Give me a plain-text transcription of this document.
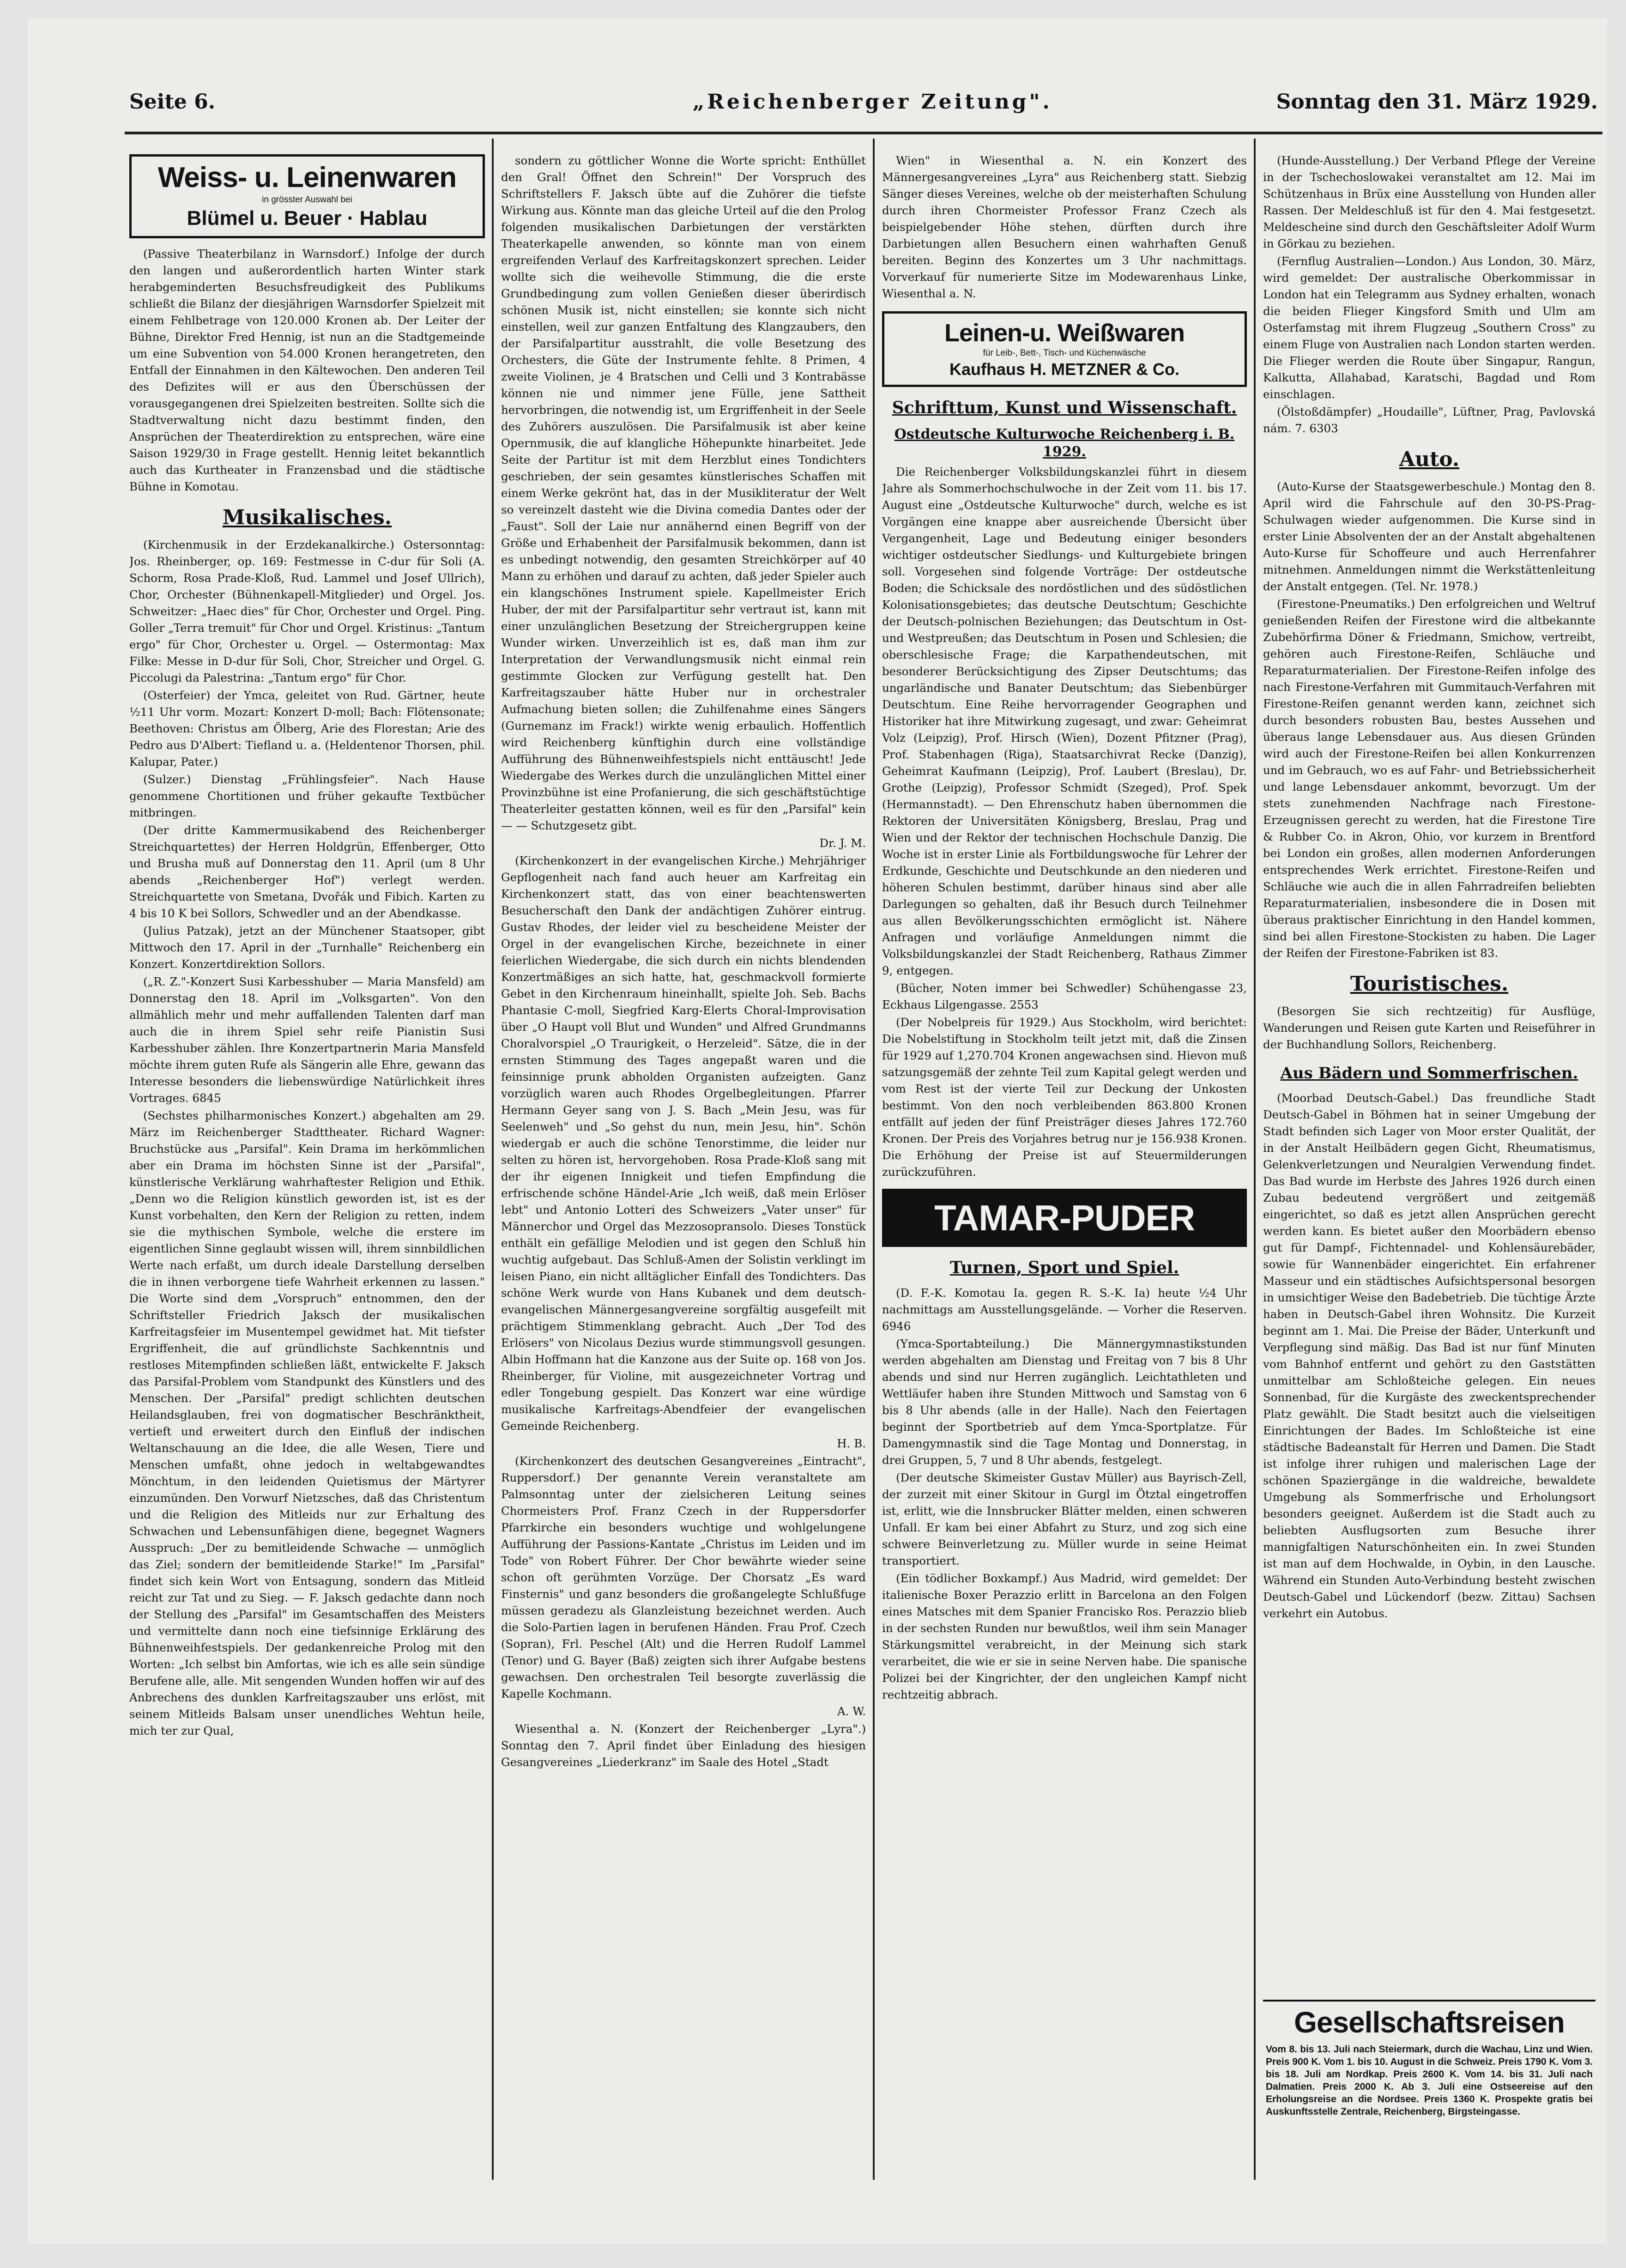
Seite 6.	„Reichenberger Zeitung".	Sonntag den 31. März 1929.
Weiss- u. Leinenwaren
in grösster Auswahl bei
Blümel u. Beuer · Hablau

(Passive Theaterbilanz in Warnsdorf.) Infolge der durch den langen und außerordentlich harten Winter stark herabgeminderten Besuchsfreudigkeit des Publikums schließt die Bilanz der diesjährigen Warnsdorfer Spielzeit mit einem Fehlbetrage von 120.000 Kronen ab. Der Leiter der Bühne, Direktor Fred Hennig, ist nun an die Stadtgemeinde um eine Subvention von 54.000 Kronen herangetreten, den Entfall der Einnahmen in den Kältewochen. Den anderen Teil des Defizites will er aus den Überschüssen der vorausgegangenen drei Spielzeiten bestreiten. Sollte sich die Stadtverwaltung nicht dazu bestimmt finden, den Ansprüchen der Theaterdirektion zu entsprechen, wäre eine Saison 1929/30 in Frage gestellt. Hennig leitet bekanntlich auch das Kurtheater in Franzensbad und die städtische Bühne in Komotau.

Musikalisches.

(Kirchenmusik in der Erzdekanalkirche.) Ostersonntag: Jos. Rheinberger, op. 169: Festmesse in C-dur für Soli (A. Schorm, Rosa Prade-Kloß, Rud. Lammel und Josef Ullrich), Chor, Orchester (Bühnenkapell-Mitglieder) und Orgel. Jos. Schweitzer: „Haec dies" für Chor, Orchester und Orgel. Ping. Goller „Terra tremuit" für Chor und Orgel. Kristinus: „Tantum ergo" für Chor, Orchester u. Orgel. — Ostermontag: Max Filke: Messe in D-dur für Soli, Chor, Streicher und Orgel. G. Piccolugi da Palestrina: „Tantum ergo" für Chor.

(Osterfeier) der Ymca, geleitet von Rud. Gärtner, heute ½11 Uhr vorm. Mozart: Konzert D-moll; Bach: Flötensonate; Beethoven: Christus am Ölberg, Arie des Florestan; Arie des Pedro aus D'Albert: Tiefland u. a. (Heldentenor Thorsen, phil. Kalupar, Pater.)

(Sulzer.) Dienstag „Frühlingsfeier". Nach Hause genommene Chortitionen und früher gekaufte Textbücher mitbringen.

(Der dritte Kammermusikabend des Reichenberger Streichquartettes) der Herren Holdgrün, Effenberger, Otto und Brusha muß auf Donnerstag den 11. April (um 8 Uhr abends „Reichenberger Hof") verlegt werden. Streichquartette von Smetana, Dvořák und Fibich. Karten zu 4 bis 10 K bei Sollors, Schwedler und an der Abendkasse.

(Julius Patzak), jetzt an der Münchener Staatsoper, gibt Mittwoch den 17. April in der „Turnhalle" Reichenberg ein Konzert. Konzertdirektion Sollors.

(„R. Z."-Konzert Susi Karbesshuber — Maria Mansfeld) am Donnerstag den 18. April im „Volksgarten". Von den allmählich mehr und mehr auffallenden Talenten darf man auch die in ihrem Spiel sehr reife Pianistin Susi Karbesshuber zählen. Ihre Konzertpartnerin Maria Mansfeld möchte ihrem guten Rufe als Sängerin alle Ehre, gewann das Interesse besonders die liebenswürdige Natürlichkeit ihres Vortrages. 6845

(Sechstes philharmonisches Konzert.) abgehalten am 29. März im Reichenberger Stadttheater. Richard Wagner: Bruchstücke aus „Parsifal". Kein Drama im herkömmlichen aber ein Drama im höchsten Sinne ist der „Parsifal", künstlerische Verklärung wahrhaftester Religion und Ethik. „Denn wo die Religion künstlich geworden ist, ist es der Kunst vorbehalten, den Kern der Religion zu retten, indem sie die mythischen Symbole, welche die erstere im eigentlichen Sinne geglaubt wissen will, ihrem sinnbildlichen Werte nach erfaßt, um durch ideale Darstellung derselben die in ihnen verborgene tiefe Wahrheit erkennen zu lassen." Die Worte sind dem „Vorspruch" entnommen, den der Schriftsteller Friedrich Jaksch der musikalischen Karfreitagsfeier im Musentempel gewidmet hat. Mit tiefster Ergriffenheit, die auf gründlichste Sachkenntnis und restloses Mitempfinden schließen läßt, entwickelte F. Jaksch das Parsifal-Problem vom Standpunkt des Künstlers und des Menschen. Der „Parsifal" predigt schlichten deutschen Heilandsglauben, frei von dogmatischer Beschränktheit, vertieft und erweitert durch den Einfluß der indischen Weltanschauung an die Idee, die alle Wesen, Tiere und Menschen umfaßt, ohne jedoch in weltabgewandtes Mönchtum, in den leidenden Quietismus der Märtyrer einzumünden. Den Vorwurf Nietzsches, daß das Christentum und die Religion des Mitleids nur zur Erhaltung des Schwachen und Lebensunfähigen diene, begegnet Wagners Ausspruch: „Der zu bemitleidende Schwache — unmöglich das Ziel; sondern der bemitleidende Starke!" Im „Parsifal" findet sich kein Wort von Entsagung, sondern das Mitleid reicht zur Tat und zu Sieg. — F. Jaksch gedachte dann noch der Stellung des „Parsifal" im Gesamtschaffen des Meisters und vermittelte dann noch eine tiefsinnige Erklärung des Bühnenweihfestspiels. Der gedankenreiche Prolog mit den Worten: „Ich selbst bin Amfortas, wie ich es alle sein sündige Berufene alle, alle. Mit sengenden Wunden hoffen wir auf des Anbrechens des dunklen Karfreitagszauber uns erlöst, mit seinem Mitleids Balsam unser unendliches Wehtun heile, mich ter zur Qual,

sondern zu göttlicher Wonne die Worte spricht: Enthüllet den Gral! Öffnet den Schrein!" Der Vorspruch des Schriftstellers F. Jaksch übte auf die Zuhörer die tiefste Wirkung aus. Könnte man das gleiche Urteil auf die den Prolog folgenden musikalischen Darbietungen der verstärkten Theaterkapelle anwenden, so könnte man von einem ergreifenden Verlauf des Karfreitagskonzert sprechen. Leider wollte sich die weihevolle Stimmung, die die erste Grundbedingung zum vollen Genießen dieser überirdisch schönen Musik ist, nicht einstellen; sie konnte sich nicht einstellen, weil zur ganzen Entfaltung des Klangzaubers, den der Parsifalpartitur ausstrahlt, die volle Besetzung des Orchesters, die Güte der Instrumente fehlte. 8 Primen, 4 zweite Violinen, je 4 Bratschen und Celli und 3 Kontrabässe können nie und nimmer jene Fülle, jene Sattheit hervorbringen, die notwendig ist, um Ergriffenheit in der Seele des Zuhörers auszulösen. Die Parsifalmusik ist aber keine Opernmusik, die auf klangliche Höhepunkte hinarbeitet. Jede Seite der Partitur ist mit dem Herzblut eines Tondichters geschrieben, der sein gesamtes künstlerisches Schaffen mit einem Werke gekrönt hat, das in der Musikliteratur der Welt so vereinzelt dasteht wie die Divina comedia Dantes oder der „Faust". Soll der Laie nur annähernd einen Begriff von der Größe und Erhabenheit der Parsifalmusik bekommen, dann ist es unbedingt notwendig, den gesamten Streichkörper auf 40 Mann zu erhöhen und darauf zu achten, daß jeder Spieler auch ein klangschönes Instrument spiele. Kapellmeister Erich Huber, der mit der Parsifalpartitur sehr vertraut ist, kann mit einer unzulänglichen Besetzung der Streichergruppen keine Wunder wirken. Unverzeihlich ist es, daß man ihm zur Interpretation der Verwandlungsmusik nicht einmal rein gestimmte Glocken zur Verfügung gestellt hat. Den Karfreitagszauber hätte Huber nur in orchestraler Aufmachung bieten sollen; die Zuhilfenahme eines Sängers (Gurnemanz im Frack!) wirkte wenig erbaulich. Hoffentlich wird Reichenberg künftighin durch eine vollständige Aufführung des Bühnenweihfestspiels nicht enttäuscht! Jede Wiedergabe des Werkes durch die unzulänglichen Mittel einer Provinzbühne ist eine Profanierung, die sich geschäftstüchtige Theaterleiter gestatten können, weil es für den „Parsifal" kein — — Schutzgesetz gibt.

Dr. J. M.

(Kirchenkonzert in der evangelischen Kirche.) Mehrjähriger Gepflogenheit nach fand auch heuer am Karfreitag ein Kirchenkonzert statt, das von einer beachtenswerten Besucherschaft den Dank der andächtigen Zuhörer eintrug. Gustav Rhodes, der leider viel zu bescheidene Meister der Orgel in der evangelischen Kirche, bezeichnete in einer feierlichen Wiedergabe, die sich durch ein nichts blendenden Konzertmäßiges an sich hatte, hat, geschmackvoll formierte Gebet in den Kirchenraum hineinhallt, spielte Joh. Seb. Bachs Phantasie C-moll, Siegfried Karg-Elerts Choral-Improvisation über „O Haupt voll Blut und Wunden" und Alfred Grundmanns Choralvorspiel „O Traurigkeit, o Herzeleid". Sätze, die in der ernsten Stimmung des Tages angepaßt waren und die feinsinnige prunk abholden Organisten aufzeigten. Ganz vorzüglich waren auch Rhodes Orgelbegleitungen. Pfarrer Hermann Geyer sang von J. S. Bach „Mein Jesu, was für Seelenweh" und „So gehst du nun, mein Jesu, hin". Schön wiedergab er auch die schöne Tenorstimme, die leider nur selten zu hören ist, hervorgehoben. Rosa Prade-Kloß sang mit der ihr eigenen Innigkeit und tiefen Empfindung die erfrischende schöne Händel-Arie „Ich weiß, daß mein Erlöser lebt" und Antonio Lotteri des Schweizers „Vater unser" für Männerchor und Orgel das Mezzosopransolo. Dieses Tonstück enthält ein gefällige Melodien und ist gegen den Schluß hin wuchtig aufgebaut. Das Schluß-Amen der Solistin verklingt im leisen Piano, ein nicht alltäglicher Einfall des Tondichters. Das schöne Werk wurde von Hans Kubanek und dem deutsch-evangelischen Männergesangvereine sorgfältig ausgefeilt mit prächtigem Stimmenklang gebracht. Auch „Der Tod des Erlösers" von Nicolaus Dezius wurde stimmungsvoll gesungen. Albin Hoffmann hat die Kanzone aus der Suite op. 168 von Jos. Rheinberger, für Violine, mit ausgezeichneter Vortrag und edler Tongebung gespielt. Das Konzert war eine würdige musikalische Karfreitags-Abendfeier der evangelischen Gemeinde Reichenberg.

H. B.

(Kirchenkonzert des deutschen Gesangvereines „Eintracht", Ruppersdorf.) Der genannte Verein veranstaltete am Palmsonntag unter der zielsicheren Leitung seines Chormeisters Prof. Franz Czech in der Ruppersdorfer Pfarrkirche ein besonders wuchtige und wohlgelungene Aufführung der Passions-Kantate „Christus im Leiden und im Tode" von Robert Führer. Der Chor bewährte wieder seine schon oft gerühmten Vorzüge. Der Chorsatz „Es ward Finsternis" und ganz besonders die großangelegte Schlußfuge müssen geradezu als Glanzleistung bezeichnet werden. Auch die Solo-Partien lagen in berufenen Händen. Frau Prof. Czech (Sopran), Frl. Peschel (Alt) und die Herren Rudolf Lammel (Tenor) und G. Bayer (Baß) zeigten sich ihrer Aufgabe bestens gewachsen. Den orchestralen Teil besorgte zuverlässig die Kapelle Kochmann.

A. W.

Wiesenthal a. N. (Konzert der Reichenberger „Lyra".) Sonntag den 7. April findet über Einladung des hiesigen Gesangvereines „Liederkranz" im Saale des Hotel „Stadt

Wien" in Wiesenthal a. N. ein Konzert des Männergesangvereines „Lyra" aus Reichenberg statt. Siebzig Sänger dieses Vereines, welche ob der meisterhaften Schulung durch ihren Chormeister Professor Franz Czech als beispielgebender Höhe stehen, dürften durch ihre Darbietungen allen Besuchern einen wahrhaften Genuß bereiten. Beginn des Konzertes um 3 Uhr nachmittags. Vorverkauf für numerierte Sitze im Modewarenhaus Linke, Wiesenthal a. N.

Leinen-u. Weißwaren
für Leib-, Bett-, Tisch- und Küchenwäsche
Kaufhaus H. METZNER & Co.
Schrifttum, Kunst und Wissenschaft.
Ostdeutsche Kulturwoche Reichenberg i. B. 1929.

Die Reichenberger Volksbildungskanzlei führt in diesem Jahre als Sommerhochschulwoche in der Zeit vom 11. bis 17. August eine „Ostdeutsche Kulturwoche" durch, welche es ist Vorgängen eine knappe aber ausreichende Übersicht über Vergangenheit, Lage und Bedeutung einiger besonders wichtiger ostdeutscher Siedlungs- und Kulturgebiete bringen soll. Vorgesehen sind folgende Vorträge: Der ostdeutsche Boden; die Schicksale des nordöstlichen und des südöstlichen Kolonisationsgebietes; das deutsche Deutschtum; Geschichte der Deutsch-polnischen Beziehungen; das Deutschtum in Ost- und Westpreußen; das Deutschtum in Posen und Schlesien; die oberschlesische Frage; die Karpathendeutschen, mit besonderer Berücksichtigung des Zipser Deutschtums; das ungarländische und Banater Deutschtum; das Siebenbürger Deutschtum. Eine Reihe hervorragender Geographen und Historiker hat ihre Mitwirkung zugesagt, und zwar: Geheimrat Volz (Leipzig), Prof. Hirsch (Wien), Dozent Pfitzner (Prag), Prof. Stabenhagen (Riga), Staatsarchivrat Recke (Danzig), Geheimrat Kaufmann (Leipzig), Prof. Laubert (Breslau), Dr. Grothe (Leipzig), Professor Schmidt (Szeged), Prof. Spek (Hermannstadt). — Den Ehrenschutz haben übernommen die Rektoren der Universitäten Königsberg, Breslau, Prag und Wien und der Rektor der technischen Hochschule Danzig. Die Woche ist in erster Linie als Fortbildungswoche für Lehrer der Erdkunde, Geschichte und Deutschkunde an den niederen und höheren Schulen bestimmt, darüber hinaus sind aber alle Darlegungen so gehalten, daß ihr Besuch durch Teilnehmer aus allen Bevölkerungsschichten ermöglicht ist. Nähere Anfragen und vorläufige Anmeldungen nimmt die Volksbildungskanzlei der Stadt Reichenberg, Rathaus Zimmer 9, entgegen.

(Bücher, Noten immer bei Schwedler) Schühengasse 23, Eckhaus Lilgengasse. 2553

(Der Nobelpreis für 1929.) Aus Stockholm, wird berichtet: Die Nobelstiftung in Stockholm teilt jetzt mit, daß die Zinsen für 1929 auf 1,270.704 Kronen angewachsen sind. Hievon muß satzungsgemäß der zehnte Teil zum Kapital gelegt werden und vom Rest ist der vierte Teil zur Deckung der Unkosten bestimmt. Von den noch verbleibenden 863.800 Kronen entfällt auf jeden der fünf Preisträger dieses Jahres 172.760 Kronen. Der Preis des Vorjahres betrug nur je 156.938 Kronen. Die Erhöhung der Preise ist auf Steuermilderungen zurückzuführen.

TAMAR-PUDER
Turnen, Sport und Spiel.

(D. F.-K. Komotau Ia. gegen R. S.-K. Ia) heute ½4 Uhr nachmittags am Ausstellungsgelände. — Vorher die Reserven. 6946

(Ymca-Sportabteilung.) Die Männergymnastikstunden werden abgehalten am Dienstag und Freitag von 7 bis 8 Uhr abends und sind nur Herren zugänglich. Leichtathleten und Wettläufer haben ihre Stunden Mittwoch und Samstag von 6 bis 8 Uhr abends (alle in der Halle). Nach den Feiertagen beginnt der Sportbetrieb auf dem Ymca-Sportplatze. Für Damengymnastik sind die Tage Montag und Donnerstag, in drei Gruppen, 5, 7 und 8 Uhr abends, festgelegt.

(Der deutsche Skimeister Gustav Müller) aus Bayrisch-Zell, der zurzeit mit einer Skitour in Gurgl im Ötztal eingetroffen ist, erlitt, wie die Innsbrucker Blätter melden, einen schweren Unfall. Er kam bei einer Abfahrt zu Sturz, und zog sich eine schwere Beinverletzung zu. Müller wurde in seine Heimat transportiert.

(Ein tödlicher Boxkampf.) Aus Madrid, wird gemeldet: Der italienische Boxer Perazzio erlitt in Barcelona an den Folgen eines Matsches mit dem Spanier Francisko Ros. Perazzio blieb in der sechsten Runden nur bewußtlos, weil ihm sein Manager Stärkungsmittel verabreicht, in der Meinung sich stark verarbeitet, die wie er sie in seine Nerven habe. Die spanische Polizei bei der Kingrichter, der den ungleichen Kampf nicht rechtzeitig abbrach.

(Hunde-Ausstellung.) Der Verband Pflege der Vereine in der Tschechoslowakei veranstaltet am 12. Mai im Schützenhaus in Brüx eine Ausstellung von Hunden aller Rassen. Der Meldeschluß ist für den 4. Mai festgesetzt. Meldescheine sind durch den Geschäftsleiter Adolf Wurm in Görkau zu beziehen.

(Fernflug Australien—London.) Aus London, 30. März, wird gemeldet: Der australische Oberkommissar in London hat ein Telegramm aus Sydney erhalten, wonach die beiden Flieger Kingsford Smith und Ulm am Osterfamstag mit ihrem Flugzeug „Southern Cross" zu einem Fluge von Australien nach London starten werden. Die Flieger werden die Route über Singapur, Rangun, Kalkutta, Allahabad, Karatschi, Bagdad und Rom einschlagen.

(Ölstoßdämpfer) „Houdaille", Lüftner, Prag, Pavlovská nám. 7. 6303

Auto.

(Auto-Kurse der Staatsgewerbeschule.) Montag den 8. April wird die Fahrschule auf den 30-PS-Prag-Schulwagen wieder aufgenommen. Die Kurse sind in erster Linie Absolventen der an der Anstalt abgehaltenen Auto-Kurse für Schoffeure und auch Herrenfahrer mitnehmen. Anmeldungen nimmt die Werkstättenleitung der Anstalt entgegen. (Tel. Nr. 1978.)

(Firestone-Pneumatiks.) Den erfolgreichen und Weltruf genießenden Reifen der Firestone wird die altbekannte Zubehörfirma Döner & Friedmann, Smichow, vertreibt, gehören auch Firestone-Reifen, Schläuche und Reparaturmaterialien. Der Firestone-Reifen infolge des nach Firestone-Verfahren mit Gummitauch-Verfahren mit Firestone-Reifen genannt werden kann, zeichnet sich durch besonders robusten Bau, bestes Aussehen und überaus lange Lebensdauer aus. Aus diesen Gründen wird auch der Firestone-Reifen bei allen Konkurrenzen und im Gebrauch, wo es auf Fahr- und Betriebssicherheit und lange Lebensdauer ankommt, bevorzugt. Um der stets zunehmenden Nachfrage nach Firestone-Erzeugnissen gerecht zu werden, hat die Firestone Tire & Rubber Co. in Akron, Ohio, vor kurzem in Brentford bei London ein großes, allen modernen Anforderungen entsprechendes Werk errichtet. Firestone-Reifen und Schläuche wie auch die in allen Fahrradreifen beliebten Reparaturmaterialien, insbesondere die in Dosen mit überaus praktischer Einrichtung in den Handel kommen, sind bei allen Firestone-Stockisten zu haben. Die Lager der Reifen der Firestone-Fabriken ist 83.

Touristisches.

(Besorgen Sie sich rechtzeitig) für Ausflüge, Wanderungen und Reisen gute Karten und Reiseführer in der Buchhandlung Sollors, Reichenberg.

Aus Bädern und Sommerfrischen.

(Moorbad Deutsch-Gabel.) Das freundliche Stadt Deutsch-Gabel in Böhmen hat in seiner Umgebung der Stadt befinden sich Lager von Moor erster Qualität, der in der Anstalt Heilbädern gegen Gicht, Rheumatismus, Gelenkverletzungen und Neuralgien Verwendung findet. Das Bad wurde im Herbste des Jahres 1926 durch einen Zubau bedeutend vergrößert und zeitgemäß eingerichtet, so daß es jetzt allen Ansprüchen gerecht werden kann. Es bietet außer den Moorbädern ebenso gut für Dampf-, Fichtennadel- und Kohlensäurebäder, sowie für Wannenbäder eingerichtet. Ein erfahrener Masseur und ein städtisches Aufsichtspersonal besorgen in umsichtiger Weise den Badebetrieb. Die tüchtige Ärzte haben in Deutsch-Gabel ihren Wohnsitz. Die Kurzeit beginnt am 1. Mai. Die Preise der Bäder, Unterkunft und Verpflegung sind mäßig. Das Bad ist nur fünf Minuten vom Bahnhof entfernt und gehört zu den Gaststätten unmittelbar am Schloßteiche gelegen. Ein neues Sonnenbad, für die Kurgäste des zweckentsprechender Platz gewählt. Die Stadt besitzt auch die vielseitigen Einrichtungen der Bades. Im Schloßteiche ist eine städtische Badeanstalt für Herren und Damen. Die Stadt ist infolge ihrer ruhigen und malerischen Lage der schönen Spaziergänge in die waldreiche, bewaldete Umgebung als Sommerfrische und Erholungsort besonders geeignet. Außerdem ist die Stadt auch zu beliebten Ausflugsorten zum Besuche ihrer mannigfaltigen Naturschönheiten ein. In zwei Stunden ist man auf dem Hochwalde, in Oybin, in den Lausche. Während ein Stunden Auto-Verbindung besteht zwischen Deutsch-Gabel und Lückendorf (bezw. Zittau) Sachsen verkehrt ein Autobus.

Gesellschaftsreisen
Vom 8. bis 13. Juli nach Steiermark, durch die Wachau, Linz und Wien. Preis 900 K. Vom 1. bis 10. August in die Schweiz. Preis 1790 K. Vom 3. bis 18. Juli am Nordkap. Preis 2600 K. Vom 14. bis 31. Juli nach Dalmatien. Preis 2000 K. Ab 3. Juli eine Ostseereise auf den Erholungsreise an die Nordsee. Preis 1360 K. Prospekte gratis bei Auskunftsstelle Zentrale, Reichenberg, Birgsteingasse.
